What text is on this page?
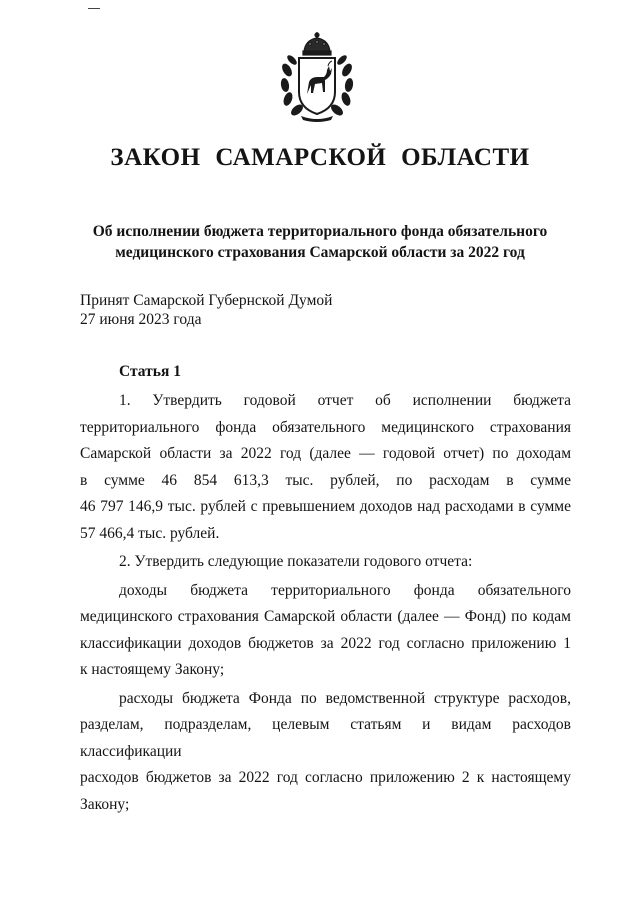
ЗАКОН САМАРСКОЙ ОБЛАСТИ
Об исполнении бюджета территориального фонда обязательного
медицинского страхования Самарской области за 2022 год
Принят Самарской Губернской Думой
27 июня 2023 года
Статья 1
1. Утвердить годовой отчет об исполнении бюджета
территориального фонда обязательного медицинского страхования
Самарской области за 2022 год (далее — годовой отчет) по доходам
в сумме 46 854 613,3 тыс. рублей, по расходам в сумме
46 797 146,9 тыс. рублей с превышением доходов над расходами в сумме
57 466,4 тыс. рублей.
2. Утвердить следующие показатели годового отчета:
доходы бюджета территориального фонда обязательного
медицинского страхования Самарской области (далее — Фонд) по кодам
классификации доходов бюджетов за 2022 год согласно приложению 1
к настоящему Закону;
расходы бюджета Фонда по ведомственной структуре расходов,
разделам, подразделам, целевым статьям и видам расходов классификации
расходов бюджетов за 2022 год согласно приложению 2 к настоящему
Закону;
